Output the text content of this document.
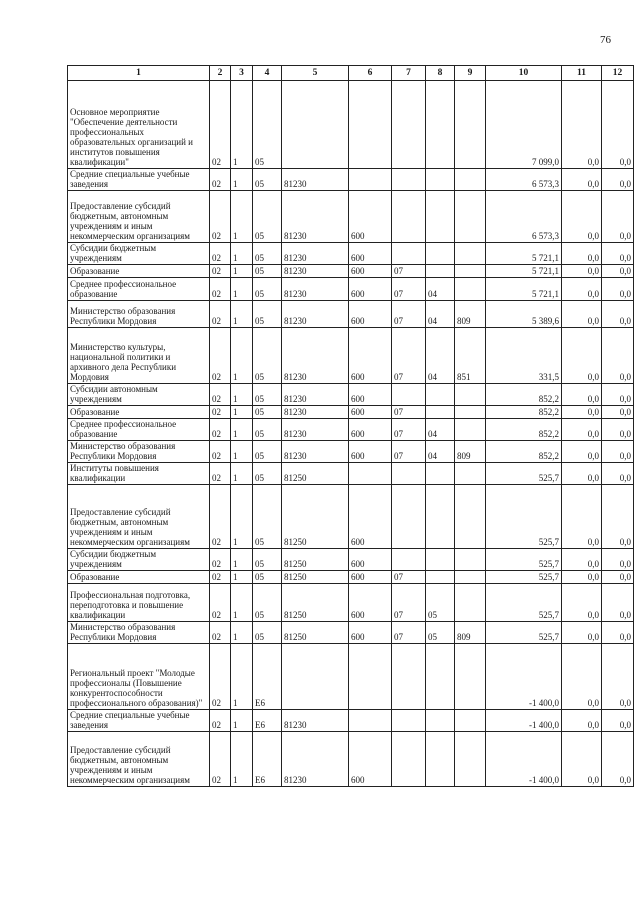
76
1	2	3	4	5	6	7	8	9	10	11	12
Основное мероприятие "Обеспечение деятельности профессиональных образовательных организаций и институтов повышения квалификации"	02	1	05						7 099,0	0,0	0,0
Средние специальные учебные заведения	02	1	05	81230					6 573,3	0,0	0,0
Предоставление субсидий бюджетным, автономным учреждениям и иным некоммерческим организациям	02	1	05	81230	600				6 573,3	0,0	0,0
Субсидии бюджетным учреждениям	02	1	05	81230	600				5 721,1	0,0	0,0
Образование	02	1	05	81230	600	07			5 721,1	0,0	0,0
Среднее профессиональное образование	02	1	05	81230	600	07	04		5 721,1	0,0	0,0
Министерство образования Республики Мордовия	02	1	05	81230	600	07	04	809	5 389,6	0,0	0,0
Министерство культуры, национальной политики и архивного дела Республики Мордовия	02	1	05	81230	600	07	04	851	331,5	0,0	0,0
Субсидии автономным учреждениям	02	1	05	81230	600				852,2	0,0	0,0
Образование	02	1	05	81230	600	07			852,2	0,0	0,0
Среднее профессиональное образование	02	1	05	81230	600	07	04		852,2	0,0	0,0
Министерство образования Республики Мордовия	02	1	05	81230	600	07	04	809	852,2	0,0	0,0
Институты повышения квалификации	02	1	05	81250					525,7	0,0	0,0
Предоставление субсидий бюджетным, автономным учреждениям и иным некоммерческим организациям	02	1	05	81250	600				525,7	0,0	0,0
Субсидии бюджетным учреждениям	02	1	05	81250	600				525,7	0,0	0,0
Образование	02	1	05	81250	600	07			525,7	0,0	0,0
Профессиональная подготовка, переподготовка и повышение квалификации	02	1	05	81250	600	07	05		525,7	0,0	0,0
Министерство образования Республики Мордовия	02	1	05	81250	600	07	05	809	525,7	0,0	0,0
Региональный проект "Молодые профессионалы (Повышение конкурентоспособности профессионального образования)"	02	1	Е6						-1 400,0	0,0	0,0
Средние специальные учебные заведения	02	1	Е6	81230					-1 400,0	0,0	0,0
Предоставление субсидий бюджетным, автономным учреждениям и иным некоммерческим организациям	02	1	Е6	81230	600				-1 400,0	0,0	0,0
